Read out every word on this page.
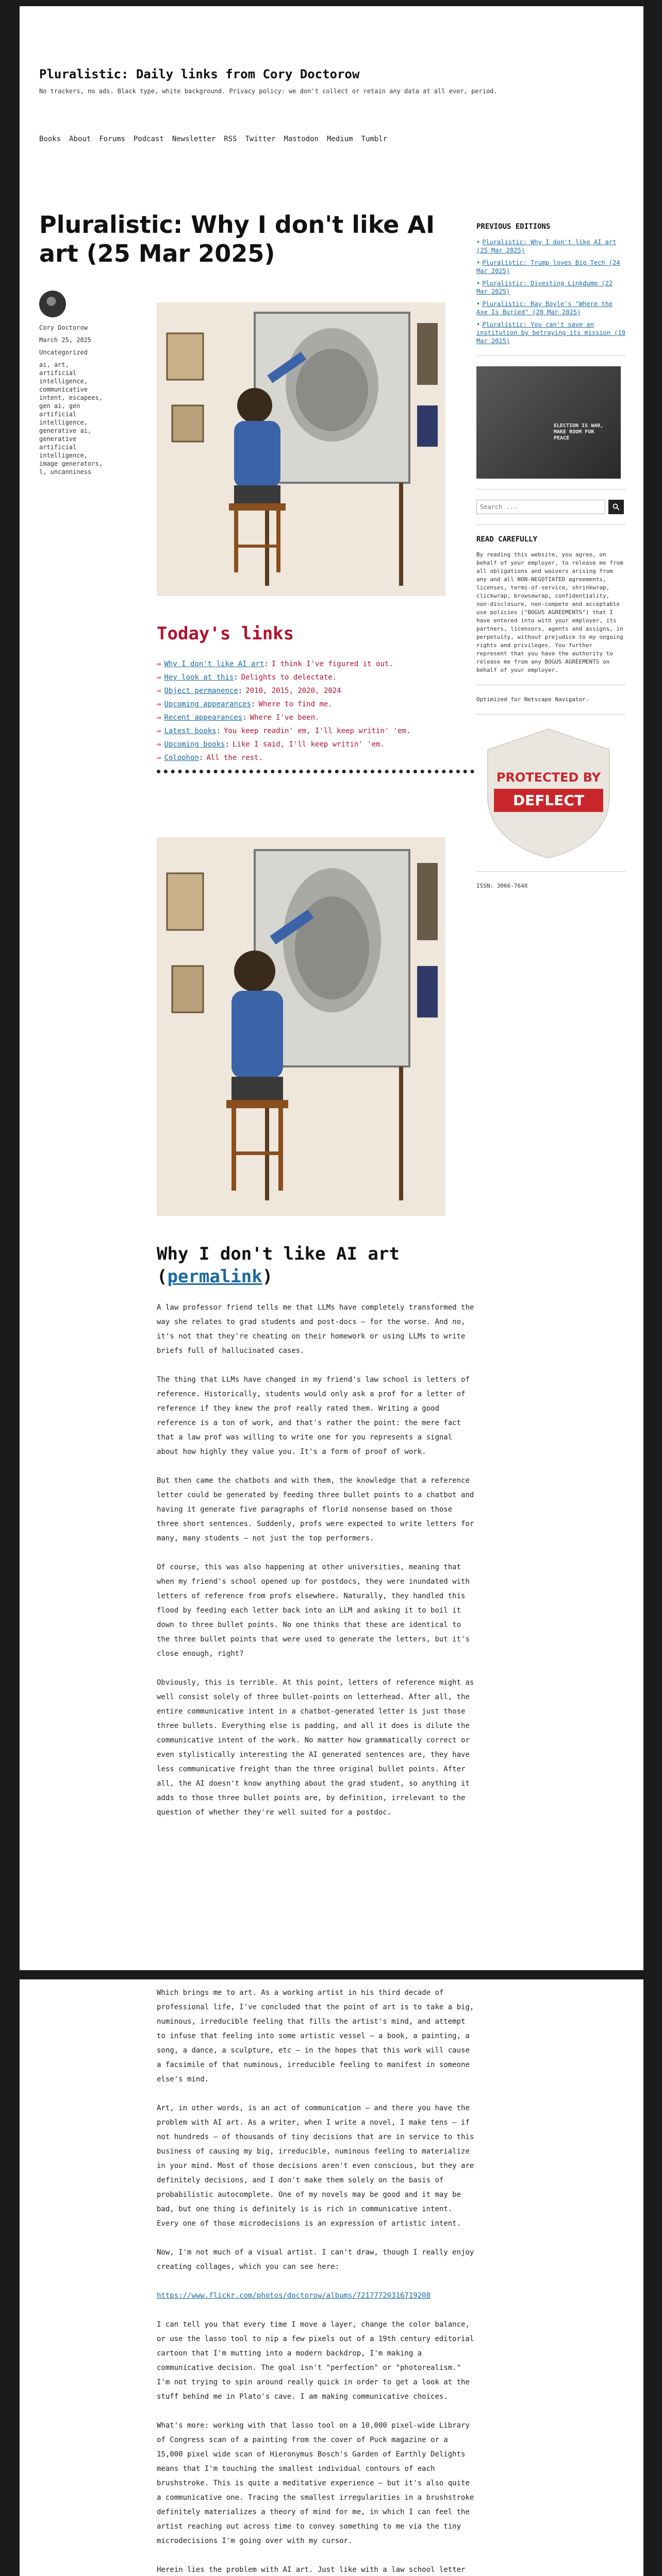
Pluralistic: Daily links from Cory Doctorow
No trackers, no ads. Black type, white background. Privacy policy: we don't collect or retain any data at all ever, period.
Books About Forums Podcast Newsletter RSS Twitter Mastodon Medium Tumblr
Pluralistic: Why I don't like AI art (25 Mar 2025)

Cory Doctorow

March 25, 2025

Uncategorized

ai, art, artificial intelligence, communicative intent, escapees, gen ai, gen artificial intelligence, generative ai, generative artificial intelligence, image generators, l, uncanniness

Today's links
⇨ Why I don't like AI art : I think I've figured it out.
⇨ Hey look at this : Delights to delectate.
⇨ Object permanence : 2010, 2015, 2020, 2024
⇨ Upcoming appearances : Where to find me.
⇨ Recent appearances : Where I've been.
⇨ Latest books : You keep readin' em, I'll keep writin' 'em.
⇨ Upcoming books : Like I said, I'll keep writin' 'em.
⇨ Colophon : All the rest.
Why I don't like AI art
(permalink)

A law professor friend tells me that LLMs have completely transformed the way she relates to grad students and post-docs – for the worse. And no, it's not that they're cheating on their homework or using LLMs to write briefs full of hallucinated cases.

The thing that LLMs have changed in my friend's law school is letters of reference. Historically, students would only ask a prof for a letter of reference if they knew the prof really rated them. Writing a good reference is a ton of work, and that's rather the point: the mere fact that a law prof was willing to write one for you represents a signal about how highly they value you. It's a form of proof of work.

But then came the chatbots and with them, the knowledge that a reference letter could be generated by feeding three bullet points to a chatbot and having it generate five paragraphs of florid nonsense based on those three short sentences. Suddenly, profs were expected to write letters for many, many students – not just the top performers.

Of course, this was also happening at other universities, meaning that when my friend's school opened up for postdocs, they were inundated with letters of reference from profs elsewhere. Naturally, they handled this flood by feeding each letter back into an LLM and asking it to boil it down to three bullet points. No one thinks that these are identical to the three bullet points that were used to generate the letters, but it's close enough, right?

Obviously, this is terrible. At this point, letters of reference might as well consist solely of three bullet-points on letterhead. After all, the entire communicative intent in a chatbot-generated letter is just those three bullets. Everything else is padding, and all it does is dilute the communicative intent of the work. No matter how grammatically correct or even stylistically interesting the AI generated sentences are, they have less communicative freight than the three original bullet points. After all, the AI doesn't know anything about the grad student, so anything it adds to those three bullet points are, by definition, irrelevant to the question of whether they're well suited for a postdoc.

Which brings me to art. As a working artist in his third decade of professional life, I've concluded that the point of art is to take a big, numinous, irreducible feeling that fills the artist's mind, and attempt to infuse that feeling into some artistic vessel – a book, a painting, a song, a dance, a sculpture, etc – in the hopes that this work will cause a facsimile of that numinous, irreducible feeling to manifest in someone else's mind.

Art, in other words, is an act of communication – and there you have the problem with AI art. As a writer, when I write a novel, I make tens – if not hundreds – of thousands of tiny decisions that are in service to this business of causing my big, irreducible, numinous feeling to materialize in your mind. Most of those decisions aren't even conscious, but they are definitely decisions, and I don't make them solely on the basis of probabilistic autocomplete. One of my novels may be good and it may be bad, but one thing is definitely is is rich in communicative intent. Every one of those microdecisions is an expression of artistic intent.

Now, I'm not much of a visual artist. I can't draw, though I really enjoy creating collages, which you can see here:

https://www.flickr.com/photos/doctorow/albums/72177720316719208

I can tell you that every time I move a layer, change the color balance, or use the lasso tool to nip a few pixels out of a 19th century editorial cartoon that I'm mutting into a modern backdrop, I'm making a communicative decision. The goal isn't "perfection" or "photorealism." I'm not trying to spin around really quick in order to get a look at the stuff behind me in Plato's cave. I am making communicative choices.

What's more: working with that lasso tool on a 10,000 pixel-wide Library of Congress scan of a painting from the cover of Puck magazine or a 15,000 pixel wide scan of Hieronymus Bosch's Garden of Earthly Delights means that I'm touching the smallest individual contours of each brushstroke. This is quite a meditative experience – but it's also quite a communicative one. Tracing the smallest irregularities in a brushstroke definitely materializes a theory of mind for me, in which I can feel the artist reaching out across time to convey something to me via the tiny microdecisions I'm going over with my cursor.

Herein lies the problem with AI art. Just like with a law school letter

PREVIOUS EDITIONS
• Pluralistic: Why I don't like AI art (25 Mar 2025)
• Pluralistic: Trump loves Big Tech (24 Mar 2025)
• Pluralistic: Divesting Linkdump (22 Mar 2025)
• Pluralistic: Ray Boyle's "Where the Axe Is Buried" (20 Mar 2025)
• Pluralistic: You can't save an institution by betraying its mission (19 Mar 2025)
ELECTION IS WAR, MAKE ROOM FOR PEACE
Search ...
READ CAREFULLY
By reading this website, you agree, on behalf of your employer, to release me from all obligations and waivers arising from any and all NON-NEGOTIATED agreements, licenses, terms-of-service, shrinkwrap, clickwrap, browsewrap, confidentiality, non-disclosure, non-compete and acceptable use policies ("BOGUS AGREEMENTS") that I have entered into with your employer, its partners, licensors, agents and assigns, in perpetuity, without prejudice to my ongoing rights and privileges. You further represent that you have the authority to release me from any BOGUS AGREEMENTS on behalf of your employer.
Optimized for Netscape Navigator.
PROTECTED BY
DEFLECT
ISSN: 3066-764X
